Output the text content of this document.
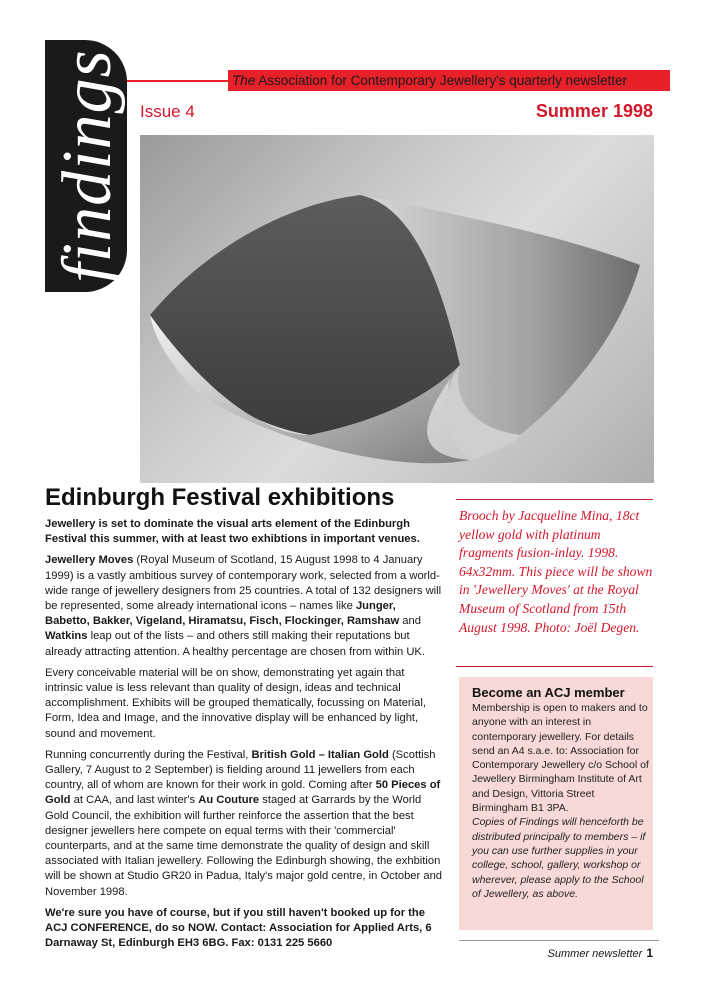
findings	The Association for Contemporary Jewellery's quarterly newsletter
Issue 4	Summer 1998
Edinburgh Festival exhibitions

Jewellery is set to dominate the visual arts element of the Edinburgh Festival this summer, with at least two exhibtions in important venues.

Jewellery Moves (Royal Museum of Scotland, 15 August 1998 to 4 January 1999) is a vastly ambitious survey of contemporary work, selected from a world-wide range of jewellery designers from 25 countries. A total of 132 designers will be represented, some already international icons – names like Junger, Babetto, Bakker, Vigeland, Hiramatsu, Fisch, Flockinger, Ramshaw and Watkins leap out of the lists – and others still making their reputations but already attracting attention. A healthy percentage are chosen from within UK.

Every conceivable material will be on show, demonstrating yet again that intrinsic value is less relevant than quality of design, ideas and technical accomplishment. Exhibits will be grouped thematically, focussing on Material, Form, Idea and Image, and the innovative display will be enhanced by light, sound and movement.

Running concurrently during the Festival, British Gold – Italian Gold (Scottish Gallery, 7 August to 2 September) is fielding around 11 jewellers from each country, all of whom are known for their work in gold. Coming after 50 Pieces of Gold at CAA, and last winter's Au Couture staged at Garrards by the World Gold Council, the exhibition will further reinforce the assertion that the best designer jewellers here compete on equal terms with their 'commercial' counterparts, and at the same time demonstrate the quality of design and skill associated with Italian jewellery. Following the Edinburgh showing, the exhbition will be shown at Studio GR20 in Padua, Italy's major gold centre, in October and November 1998.

We're sure you have of course, but if you still haven't booked up for the ACJ CONFERENCE, do so NOW. Contact: Association for Applied Arts, 6 Darnaway St, Edinburgh EH3 6BG. Fax: 0131 225 5660

Brooch by Jacqueline Mina, 18ct yellow gold with platinum fragments fusion-inlay. 1998. 64x32mm. This piece will be shown in 'Jewellery Moves' at the Royal Museum of Scotland from 15th August 1998. Photo: Joël Degen.
Become an ACJ member

Membership is open to makers and to anyone with an interest in contemporary jewellery. For details send an A4 s.a.e. to: Association for Contemporary Jewellery c/o School of Jewellery Birmingham Institute of Art and Design, Vittoria Street Birmingham B1 3PA.

Copies of Findings will henceforth be distributed principally to members – if you can use further supplies in your college, school, gallery, workshop or wherever, please apply to the School of Jewellery, as above.

Summer newsletter 1
